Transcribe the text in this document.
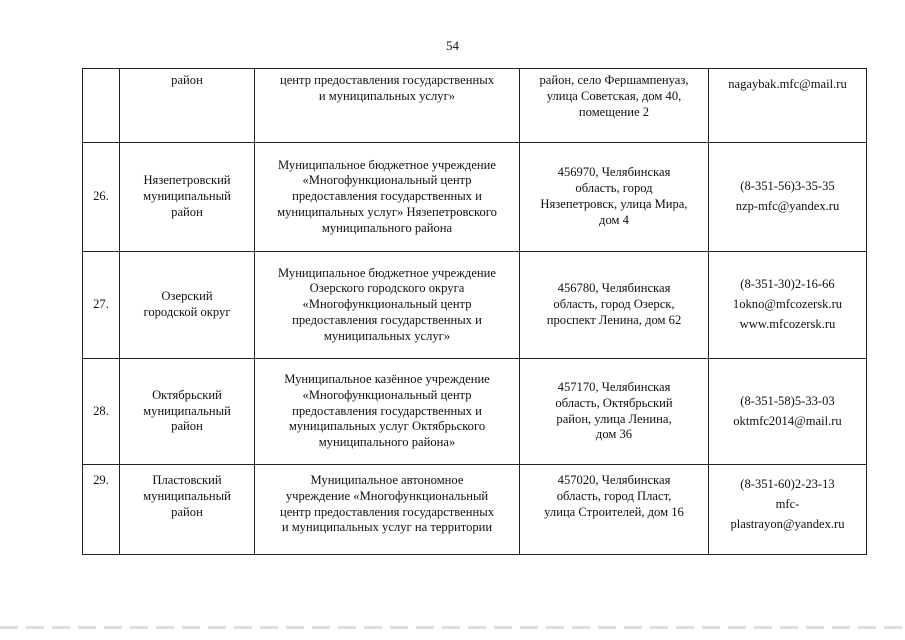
54

	район	центр предоставления государственных
и муниципальных услуг»	район, село Фершампенуаз,
улица Советская, дом 40,
помещение 2	nagaybak.mfc@mail.ru

26.	Нязепетровский
муниципальный
район	Муниципальное бюджетное учреждение
«Многофункциональный центр
предоставления государственных и
муниципальных услуг» Нязепетровского
муниципального района	456970, Челябинская
область, город
Нязепетровск, улица Мира,
дом 4	(8-351-56)3-35-35
nzp-mfc@yandex.ru

27.	Озерский
городской округ	Муниципальное бюджетное учреждение
Озерского городского округа
«Многофункциональный центр
предоставления государственных и
муниципальных услуг»	456780, Челябинская
область, город Озерск,
проспект Ленина, дом 62	(8-351-30)2-16-66
1okno@mfcozersk.ru
www.mfcozersk.ru

28.	Октябрьский
муниципальный
район	Муниципальное казённое учреждение
«Многофункциональный центр
предоставления государственных и
муниципальных услуг Октябрьского
муниципального района»	457170, Челябинская
область, Октябрьский
район, улица Ленина,
дом 36	(8-351-58)5-33-03
oktmfc2014@mail.ru

29.	Пластовский
муниципальный
район	Муниципальное автономное
учреждение «Многофункциональный
центр предоставления государственных
и муниципальных услуг на территории	457020, Челябинская
область, город Пласт,
улица Строителей, дом 16	(8-351-60)2-23-13
mfc-
plastrayon@yandex.ru
